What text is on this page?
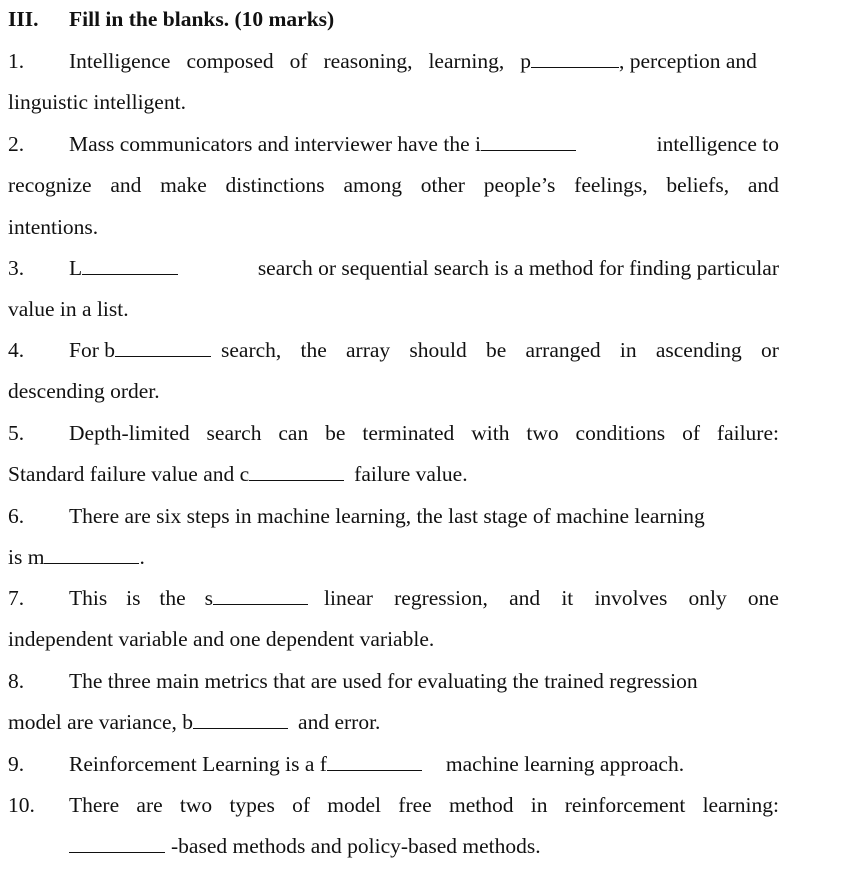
III. Fill in the blanks. (10 marks)
1.	Intelligence composed of reasoning, learning, p	, perception and
linguistic intelligent.
2.	Mass communicators and interviewer have the i	intelligence to
recognize and make distinctions among other people’s feelings, beliefs, and
intentions.
3.	L	search or sequential search is a method for finding particular
value in a list.
4.	For b	search, the array should be arranged in ascending or
descending order.
5.	Depth-limited search can be terminated with two conditions of failure:
Standard failure value and c	failure value.
6.	There are six steps in machine learning, the last stage of machine learning
is m	.
7.	This is the s	linear regression, and it involves only one
independent variable and one dependent variable.
8.	The three main metrics that are used for evaluating the trained regression
model are variance, b	and error.
9.	Reinforcement Learning is a f	machine learning approach.
10.	There are two types of model free method in reinforcement learning:
-based methods and policy-based methods.
